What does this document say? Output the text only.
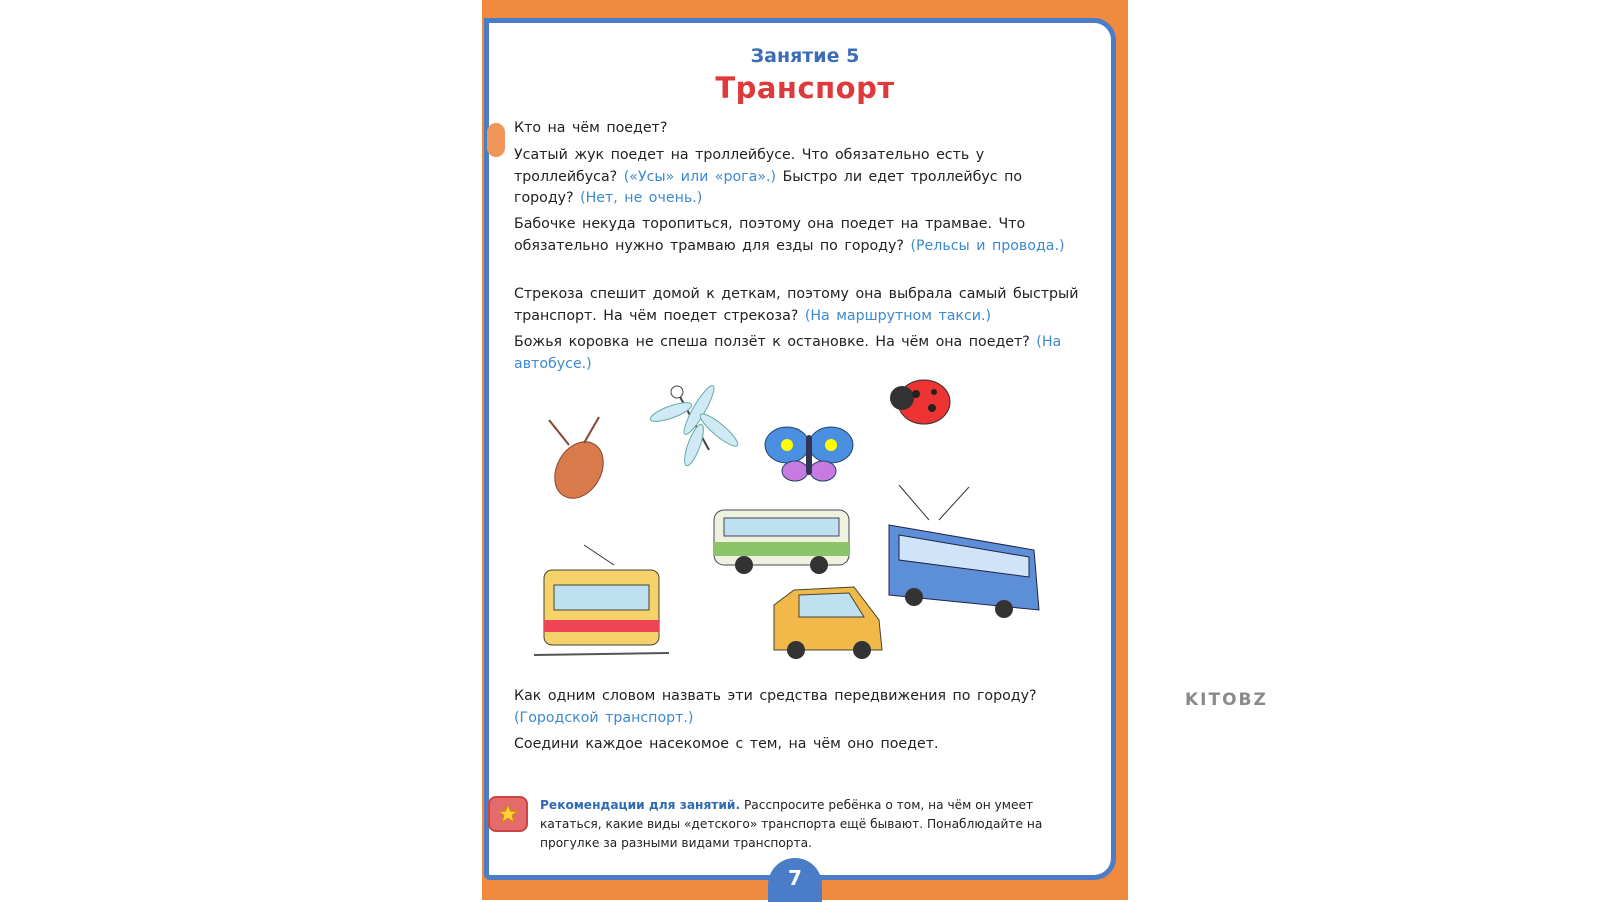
Занятие 5
Транспорт

Кто на чём поедет?

Усатый жук поедет на троллейбусе. Что обязательно есть у троллейбуса? («Усы» или «рога».) Быстро ли едет троллейбус по городу? (Нет, не очень.)

Бабочке некуда торопиться, поэтому она поедет на трамвае. Что обязательно нужно трамваю для езды по городу? (Рельсы и провода.)

Стрекоза спешит домой к деткам, поэтому она выбрала самый быстрый транспорт. На чём поедет стрекоза? (На маршрутном такси.)

Божья коровка не спеша ползёт к остановке. На чём она поедет? (На автобусе.)

Как одним словом назвать эти средства передвижения по городу? (Городской транспорт.)

Соедини каждое насекомое с тем, на чём оно поедет.

Рекомендации для занятий. Расспросите ребёнка о том, на чём он умеет кататься, какие виды «детского» транспорта ещё бывают. Понаблюдайте на прогулке за разными видами транспорта.
7
KITOBZ
